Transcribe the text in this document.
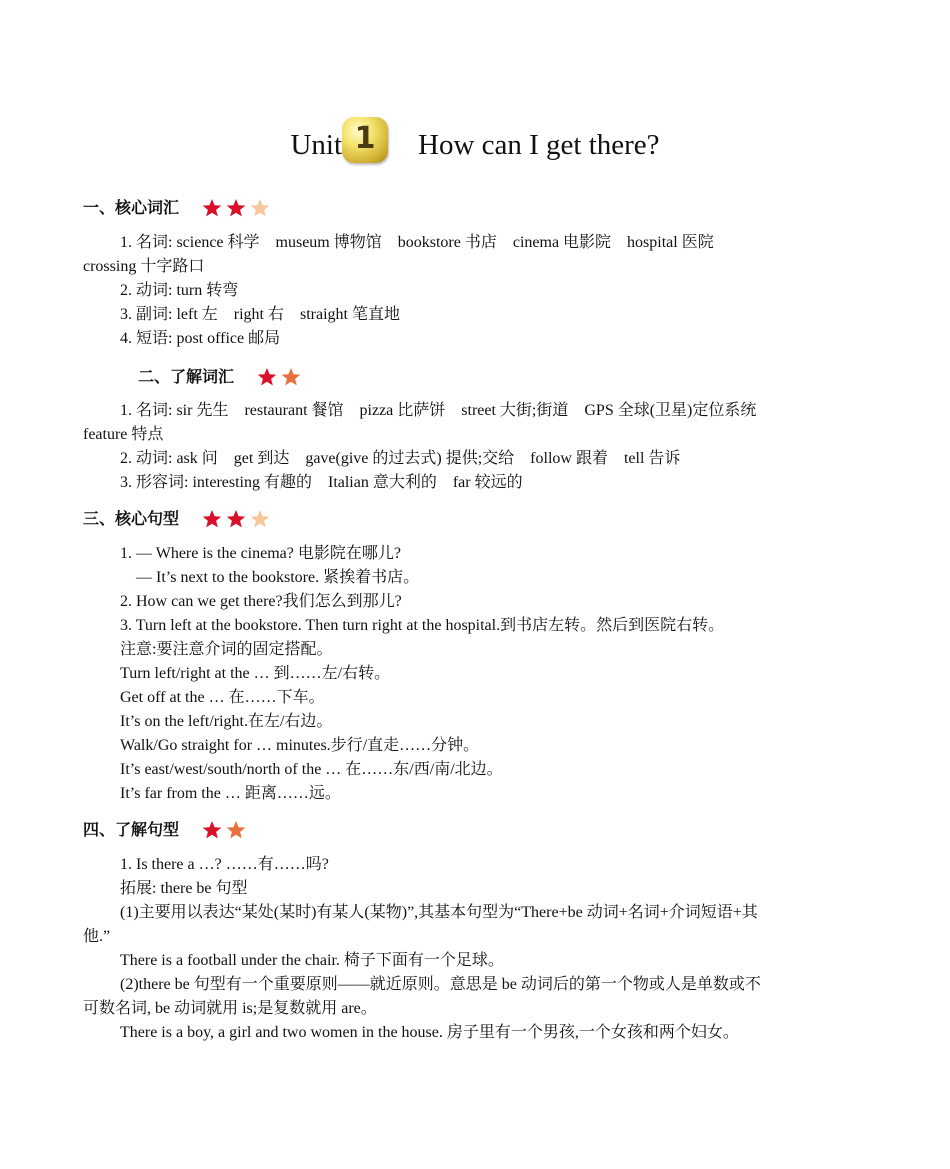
Unit 1	How can I get there?
一、核心词汇
二、了解词汇
三、核心句型
四、了解句型
1. 名词: science 科学　museum 博物馆　bookstore 书店　cinema 电影院　hospital 医院
crossing 十字路口
2. 动词: turn 转弯
3. 副词: left 左　right 右　straight 笔直地
4. 短语: post office 邮局
1. 名词: sir 先生　restaurant 餐馆　pizza 比萨饼　street 大街;街道　GPS 全球(卫星)定位系统
feature 特点
2. 动词: ask 问　get 到达　gave(give 的过去式) 提供;交给　follow 跟着　tell 告诉
3. 形容词: interesting 有趣的　Italian 意大利的　far 较远的
1. — Where is the cinema? 电影院在哪儿?
— It’s next to the bookstore. 紧挨着书店。
2. How can we get there?我们怎么到那儿?
3. Turn left at the bookstore. Then turn right at the hospital.到书店左转。然后到医院右转。
注意:要注意介词的固定搭配。
Turn left/right at the … 到……左/右转。
Get off at the … 在……下车。
It’s on the left/right.在左/右边。
Walk/Go straight for … minutes.步行/直走……分钟。
It’s east/west/south/north of the … 在……东/西/南/北边。
It’s far from the … 距离……远。
1. Is there a …? ……有……吗?
拓展: there be 句型
(1)主要用以表达“某处(某时)有某人(某物)”,其基本句型为“There+be 动词+名词+介词短语+其
他.”
There is a football under the chair. 椅子下面有一个足球。
(2)there be 句型有一个重要原则——就近原则。意思是 be 动词后的第一个物或人是单数或不
可数名词, be 动词就用 is;是复数就用 are。
There is a boy, a girl and two women in the house. 房子里有一个男孩,一个女孩和两个妇女。
